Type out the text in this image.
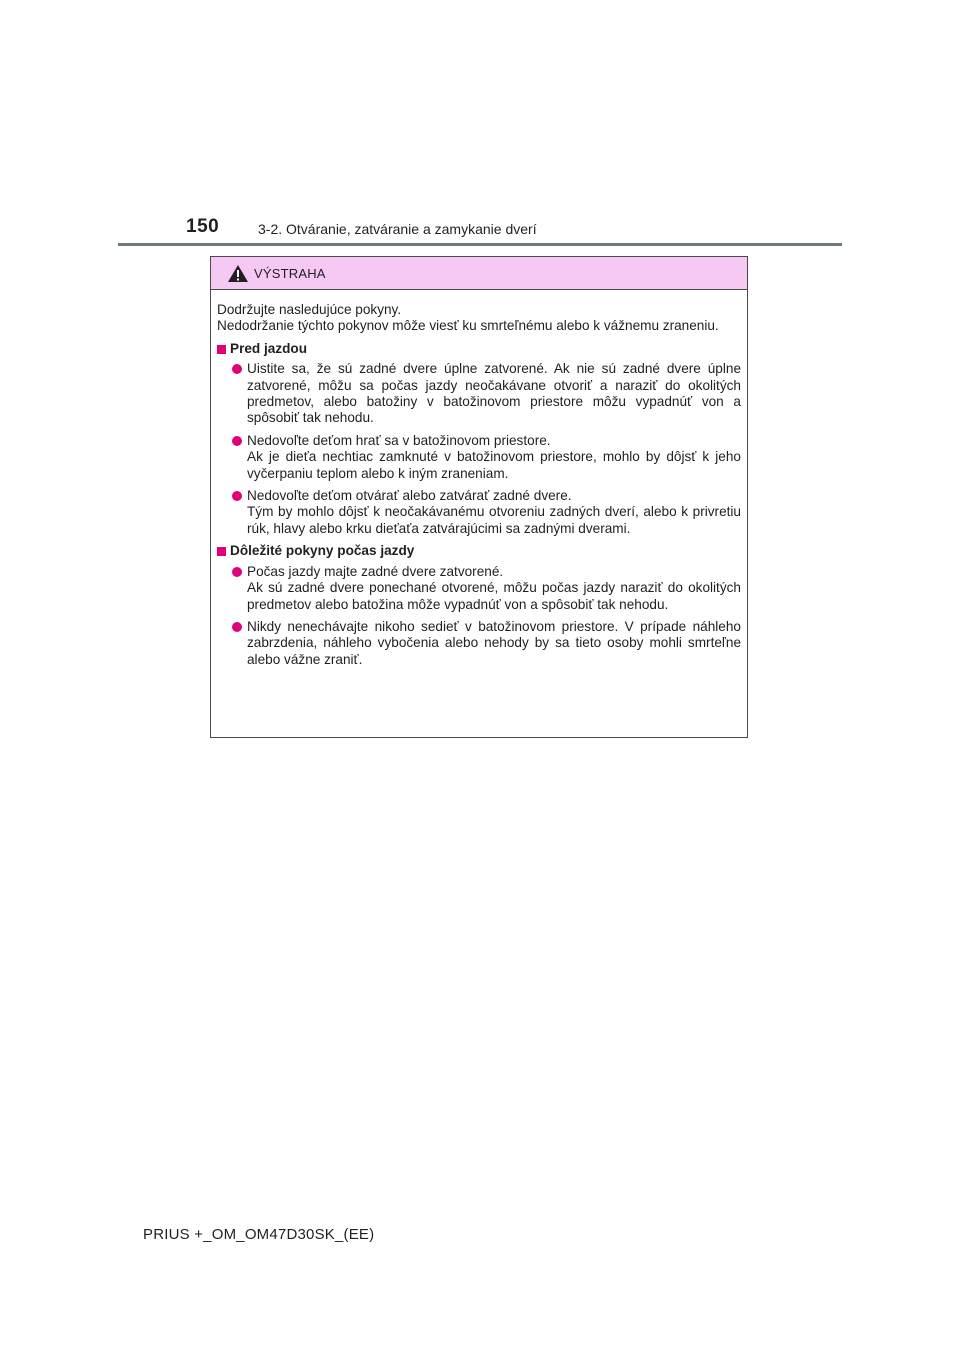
150	3-2. Otváranie, zatváranie a zamykanie dverí
VÝSTRAHA

Dodržujte nasledujúce pokyny.
Nedodržanie týchto pokynov môže viesť ku smrteľnému alebo k vážnemu zraneniu.

Pred jazdou
Uistite sa, že sú zadné dvere úplne zatvorené. Ak nie sú zadné dvere úplne zatvorené, môžu sa počas jazdy neočakávane otvoriť a naraziť do okolitých predmetov, alebo batožiny v batožinovom priestore môžu vypadnúť von a spôsobiť tak nehodu.
Nedovoľte deťom hrať sa v batožinovom priestore.
Ak je dieťa nechtiac zamknuté v batožinovom priestore, mohlo by dôjsť k jeho vyčerpaniu teplom alebo k iným zraneniam.
Nedovoľte deťom otvárať alebo zatvárať zadné dvere.
Tým by mohlo dôjsť k neočakávanému otvoreniu zadných dverí, alebo k privretiu rúk, hlavy alebo krku dieťaťa zatvárajúcimi sa zadnými dverami.
Dôležité pokyny počas jazdy
Počas jazdy majte zadné dvere zatvorené.
Ak sú zadné dvere ponechané otvorené, môžu počas jazdy naraziť do okolitých predmetov alebo batožina môže vypadnúť von a spôsobiť tak nehodu.
Nikdy nenechávajte nikoho sedieť v batožinovom priestore. V prípade náhleho zabrzdenia, náhleho vybočenia alebo nehody by sa tieto osoby mohli smrteľne alebo vážne zraniť.
PRIUS +_OM_OM47D30SK_(EE)
